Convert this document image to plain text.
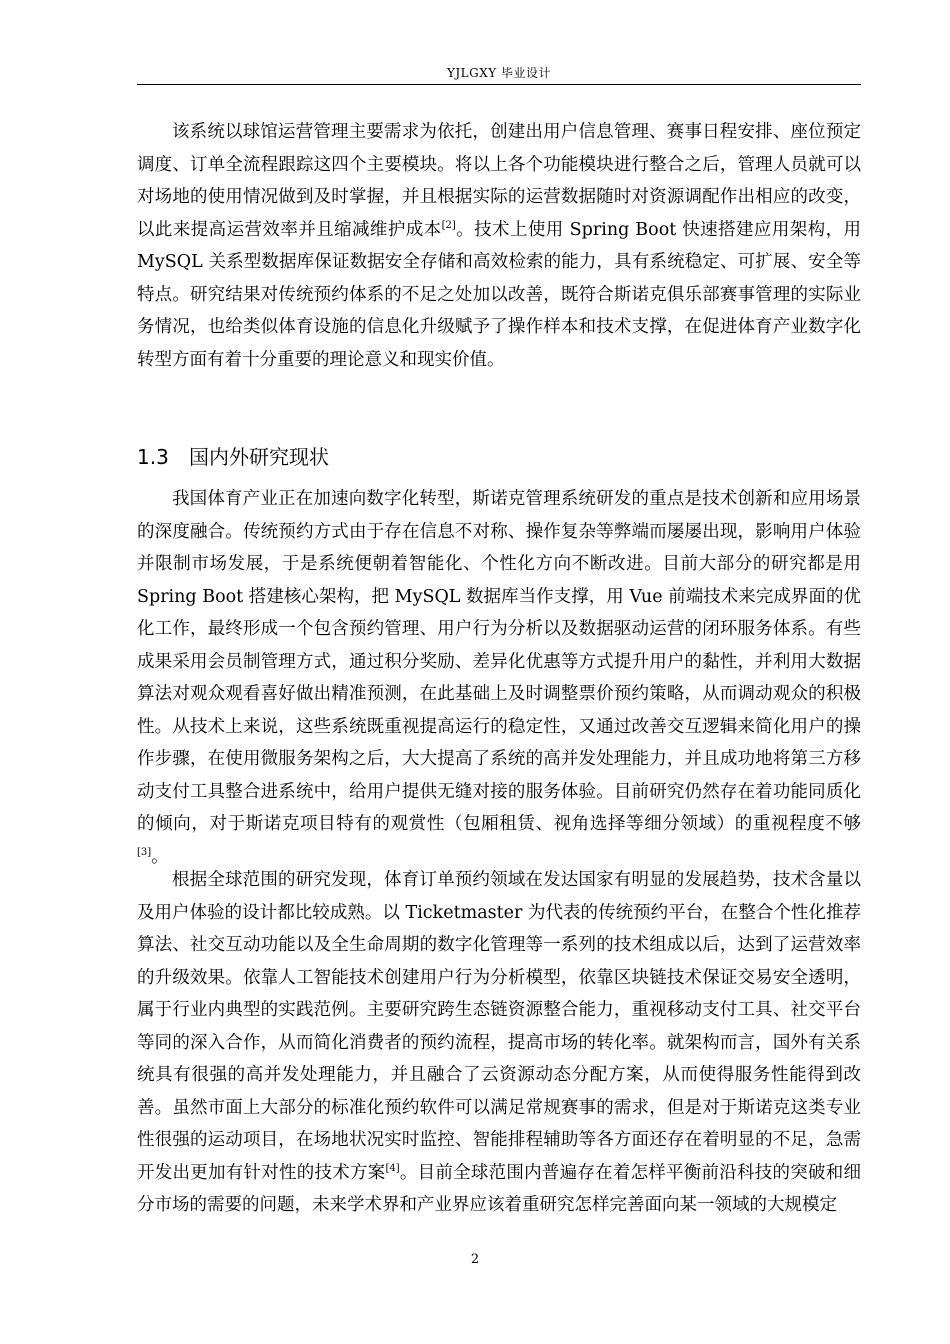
YJLGXY 毕业设计

该系统以球馆运营管理主要需求为依托，创建出用户信息管理、赛事日程安排、座位预定调度、订单全流程跟踪这四个主要模块。将以上各个功能模块进行整合之后，管理人员就可以对场地的使用情况做到及时掌握，并且根据实际的运营数据随时对资源调配作出相应的改变，以此来提高运营效率并且缩减维护成本[2]。技术上使用 Spring Boot 快速搭建应用架构，用 MySQL 关系型数据库保证数据安全存储和高效检索的能力，具有系统稳定、可扩展、安全等特点。研究结果对传统预约体系的不足之处加以改善，既符合斯诺克俱乐部赛事管理的实际业务情况，也给类似体育设施的信息化升级赋予了操作样本和技术支撑，在促进体育产业数字化转型方面有着十分重要的理论意义和现实价值。

1.3 国内外研究现状

我国体育产业正在加速向数字化转型，斯诺克管理系统研发的重点是技术创新和应用场景的深度融合。传统预约方式由于存在信息不对称、操作复杂等弊端而屡屡出现，影响用户体验并限制市场发展，于是系统便朝着智能化、个性化方向不断改进。目前大部分的研究都是用 Spring Boot 搭建核心架构，把 MySQL 数据库当作支撑，用 Vue 前端技术来完成界面的优化工作，最终形成一个包含预约管理、用户行为分析以及数据驱动运营的闭环服务体系。有些成果采用会员制管理方式，通过积分奖励、差异化优惠等方式提升用户的黏性，并利用大数据算法对观众观看喜好做出精准预测，在此基础上及时调整票价预约策略，从而调动观众的积极性。从技术上来说，这些系统既重视提高运行的稳定性，又通过改善交互逻辑来简化用户的操作步骤，在使用微服务架构之后，大大提高了系统的高并发处理能力，并且成功地将第三方移动支付工具整合进系统中，给用户提供无缝对接的服务体验。目前研究仍然存在着功能同质化的倾向，对于斯诺克项目特有的观赏性（包厢租赁、视角选择等细分领域）的重视程度不够[3]。

根据全球范围的研究发现，体育订单预约领域在发达国家有明显的发展趋势，技术含量以及用户体验的设计都比较成熟。以 Ticketmaster 为代表的传统预约平台，在整合个性化推荐算法、社交互动功能以及全生命周期的数字化管理等一系列的技术组成以后，达到了运营效率的升级效果。依靠人工智能技术创建用户行为分析模型，依靠区块链技术保证交易安全透明，属于行业内典型的实践范例。主要研究跨生态链资源整合能力，重视移动支付工具、社交平台等同的深入合作，从而简化消费者的预约流程，提高市场的转化率。就架构而言，国外有关系统具有很强的高并发处理能力，并且融合了云资源动态分配方案，从而使得服务性能得到改善。虽然市面上大部分的标准化预约软件可以满足常规赛事的需求，但是对于斯诺克这类专业性很强的运动项目，在场地状况实时监控、智能排程辅助等各方面还存在着明显的不足，急需开发出更加有针对性的技术方案[4]。目前全球范围内普遍存在着怎样平衡前沿科技的突破和细分市场的需要的问题，未来学术界和产业界应该着重研究怎样完善面向某一领域的大规模定

2
